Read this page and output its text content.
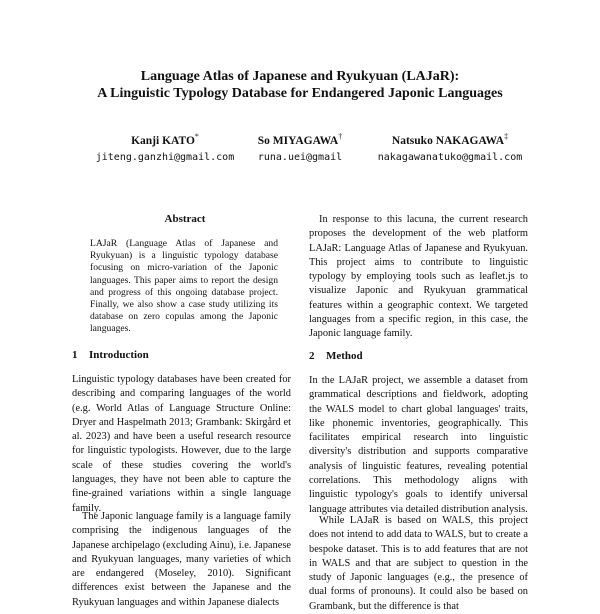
Language Atlas of Japanese and Ryukyuan (LAJaR):
A Linguistic Typology Database for Endangered Japonic Languages
Kanji KATO*
jiteng.ganzhi@gmail.com
So MIYAGAWA†
runa.uei@gmail
Natsuko NAKAGAWA‡
nakagawanatuko@gmail.com
Abstract

LAJaR (Language Atlas of Japanese and Ryukyuan) is a linguistic typology database focusing on micro-variation of the Japonic languages. This paper aims to report the design and progress of this ongoing database project. Finally, we also show a case study utilizing its database on zero copulas among the Japonic languages.

1 Introduction

Linguistic typology databases have been created for describing and comparing languages of the world (e.g. World Atlas of Language Structure Online: Dryer and Haspelmath 2013; Grambank: Skirgård et al. 2023) and have been a useful research resource for linguistic typologists. However, due to the large scale of these studies covering the world's languages, they have not been able to capture the fine-grained variations within a single language family.

The Japonic language family is a language family comprising the indigenous languages of the Japanese archipelago (excluding Ainu), i.e. Japanese and Ryukyuan languages, many varieties of which are endangered (Moseley, 2010). Significant differences exist between the Japanese and the Ryukyuan languages and within Japanese dialects

In response to this lacuna, the current research proposes the development of the web platform LAJaR: Language Atlas of Japanese and Ryukyuan. This project aims to contribute to linguistic typology by employing tools such as leaflet.js to visualize Japonic and Ryukyuan grammatical features within a geographic context. We targeted languages from a specific region, in this case, the Japonic language family.

2 Method

In the LAJaR project, we assemble a dataset from grammatical descriptions and fieldwork, adopting the WALS model to chart global languages' traits, like phonemic inventories, geographically. This facilitates empirical research into linguistic diversity's distribution and supports comparative analysis of linguistic features, revealing potential correlations. This methodology aligns with linguistic typology's goals to identify universal language attributes via detailed distribution analysis.

While LAJaR is based on WALS, this project does not intend to add data to WALS, but to create a bespoke dataset. This is to add features that are not in WALS and that are subject to question in the study of Japonic languages (e.g., the presence of dual forms of pronouns). It could also be based on Grambank, but the difference is that
